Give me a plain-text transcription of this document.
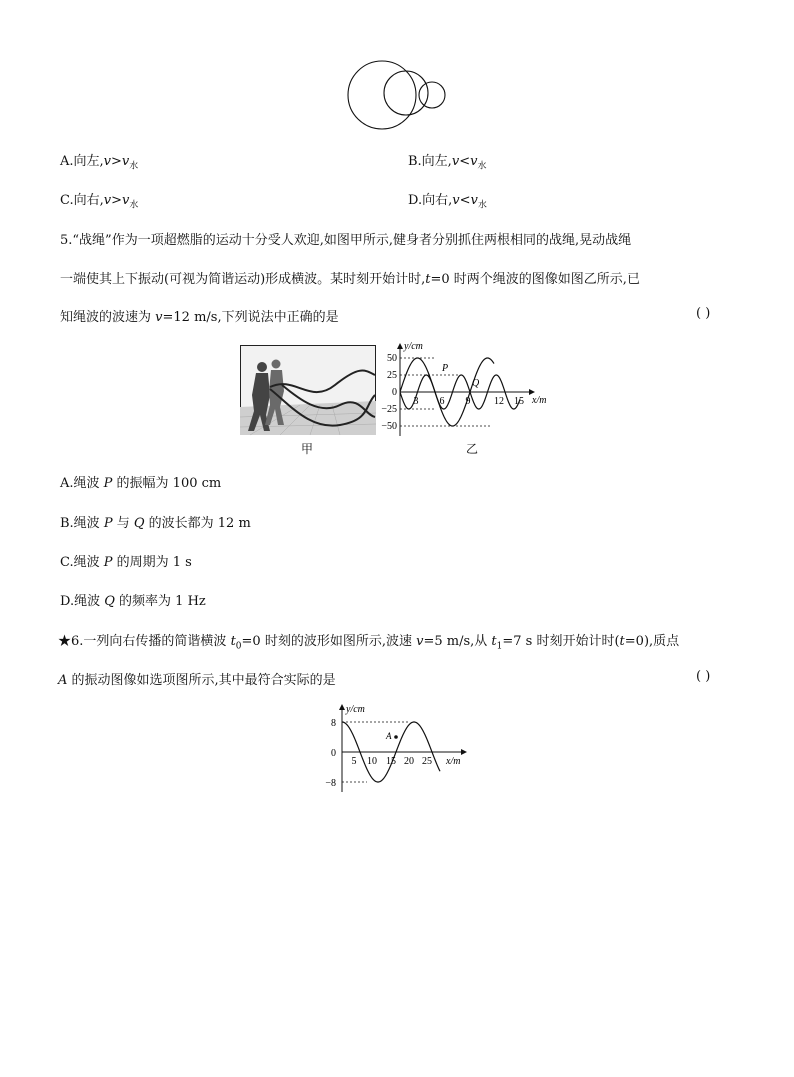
A.向左$,v>v_水$	B.向左$,v<v_水$
C.向右$,v>v_水$	D.向右$,v<v_水$
5.“战绳”作为一项超燃脂的运动十分受人欢迎,如图甲所示,健身者分别抓住两根相同的战绳,晃动战绳
一端使其上下振动(可视为简谐运动)形成横波。某时刻开始计时,t=0 时两个绳波的图像如图乙所示,已
知绳波的波速为 v=12 m/s,下列说法中正确的是	( )
甲
50
25
0
−25
−50
3 6 9 12 15
y/cm
x/m
P
Q
乙
A.绳波 P 的振幅为 100 cm
B.绳波 P 与 Q 的波长都为 12 m
C.绳波 P 的周期为 1 s
D.绳波 Q 的频率为 1 Hz
★6.一列向右传播的简谐横波 $t_0=0$ 时刻的波形如图所示,波速 v=5 m/s,从 $t_1=7$ s 时刻开始计时(t=0),质点
A 的振动图像如选项图所示,其中最符合实际的是	( )
8
0
−8
5 10 15 20 25
y/cm
x/m
A
